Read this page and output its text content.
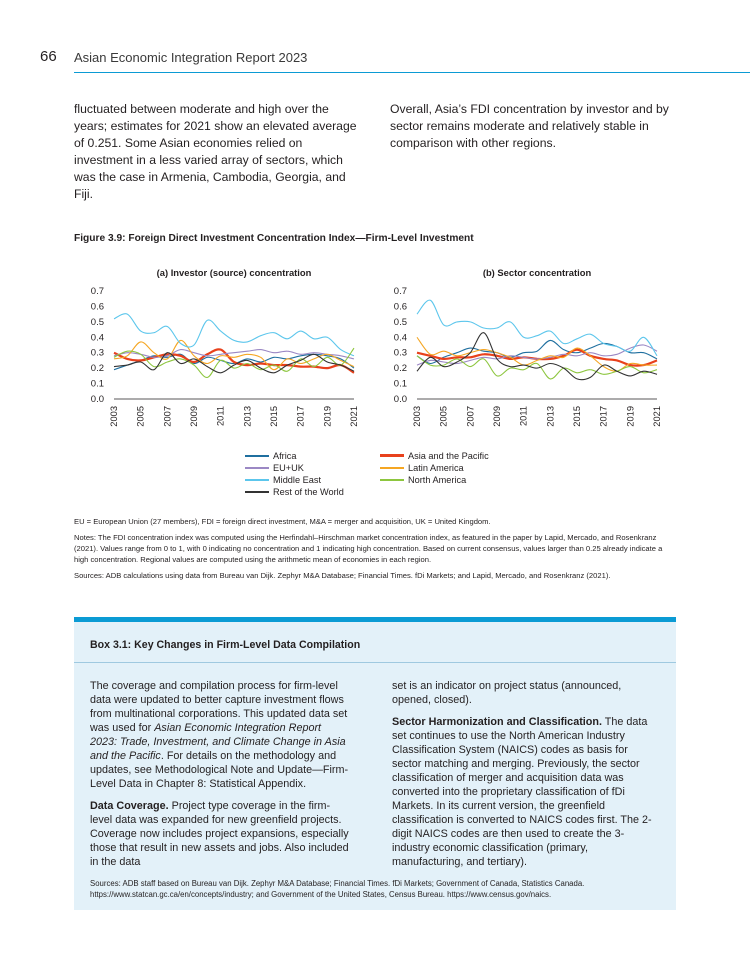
66 Asian Economic Integration Report 2023
fluctuated between moderate and high over the years; estimates for 2021 show an elevated average of 0.251. Some Asian economies relied on investment in a less varied array of sectors, which was the case in Armenia, Cambodia, Georgia, and Fiji.
Overall, Asia’s FDI concentration by investor and by sector remains moderate and relatively stable in comparison with other regions.
Figure 3.9: Foreign Direct Investment Concentration Index—Firm-Level Investment
(a) Investor (source) concentration
0.0
0.1
0.2
0.3
0.4
0.5
0.6
0.7
2003 2005 2007 2009 2011 2013 2015 2017 2019 2021
(b) Sector concentration
0.0
0.1
0.2
0.3
0.4
0.5
0.6
0.7
2003 2005 2007 2009 2011 2013 2015 2017 2019 2021
Africa	Asia and the Pacific
EU+UK	Latin America
Middle East	North America
Rest of the World
EU = European Union (27 members), FDI = foreign direct investment, M&A = merger and acquisition, UK = United Kingdom.
Notes: The FDI concentration index was computed using the Herfindahl–Hirschman market concentration index, as featured in the paper by Lapid, Mercado, and Rosenkranz (2021). Values range from 0 to 1, with 0 indicating no concentration and 1 indicating high concentration. Based on current consensus, values larger than 0.25 already indicate a high concentration. Regional values are computed using the arithmetic mean of economies in each region.
Sources: ADB calculations using data from Bureau van Dijk. Zephyr M&A Database; Financial Times. fDi Markets; and Lapid, Mercado, and Rosenkranz (2021).
Box 3.1: Key Changes in Firm-Level Data Compilation

The coverage and compilation process for firm-level data were updated to better capture investment flows from multinational corporations. This updated data set was used for Asian Economic Integration Report 2023: Trade, Investment, and Climate Change in Asia and the Pacific. For details on the methodology and updates, see Methodological Note and Update—Firm-Level Data in Chapter 8: Statistical Appendix.

Data Coverage. Project type coverage in the firm-level data was expanded for new greenfield projects. Coverage now includes project expansions, especially those that result in new assets and jobs. Also included in the data

set is an indicator on project status (announced, opened, closed).

Sector Harmonization and Classification. The data set continues to use the North American Industry Classification System (NAICS) codes as basis for sector matching and merging. Previously, the sector classification of merger and acquisition data was converted into the proprietary classification of fDi Markets. In its current version, the greenfield classification is converted to NAICS codes first. The 2-digit NAICS codes are then used to create the 3-industry economic classification (primary, manufacturing, and tertiary).

Sources: ADB staff based on Bureau van Dijk. Zephyr M&A Database; Financial Times. fDi Markets; Government of Canada, Statistics Canada. https://www.statcan.gc.ca/en/concepts/industry; and Government of the United States, Census Bureau. https://www.census.gov/naics.
